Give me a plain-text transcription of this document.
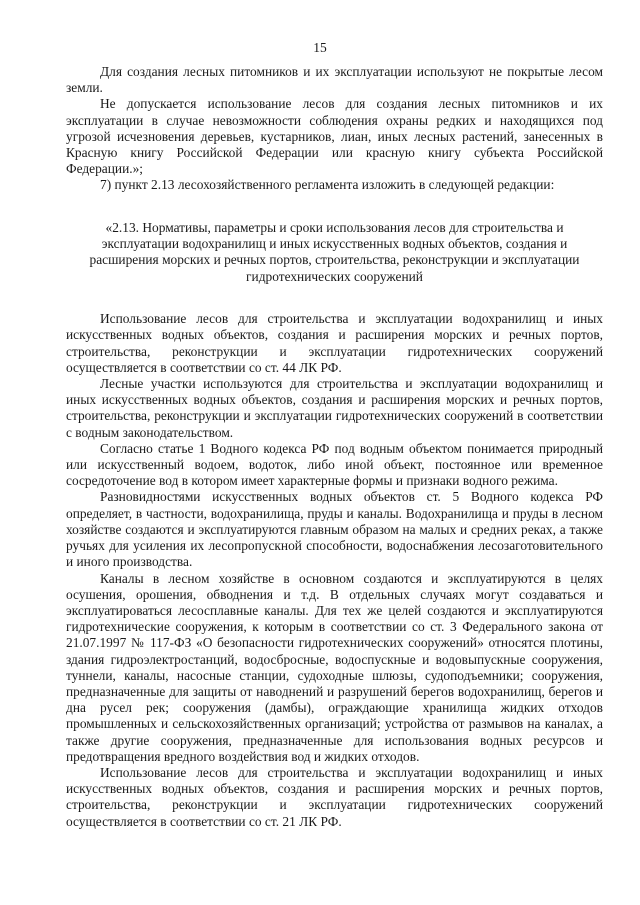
15

Для создания лесных питомников и их эксплуатации используют не покрытые лесом земли.

Не допускается использование лесов для создания лесных питомников и их эксплуатации в случае невозможности соблюдения охраны редких и находящихся под угрозой исчезновения деревьев, кустарников, лиан, иных лесных растений, занесенных в Красную книгу Российской Федерации или красную книгу субъекта Российской Федерации.»;

7) пункт 2.13 лесохозяйственного регламента изложить в следующей редакции:

«2.13. Нормативы, параметры и сроки использования лесов для строительства и эксплуатации водохранилищ и иных искусственных водных объектов, создания и расширения морских и речных портов, строительства, реконструкции и эксплуатации гидротехнических сооружений

Использование лесов для строительства и эксплуатации водохранилищ и иных искусственных водных объектов, создания и расширения морских и речных портов, строительства, реконструкции и эксплуатации гидротехнических сооружений осуществляется в соответствии со ст. 44 ЛК РФ.

Лесные участки используются для строительства и эксплуатации водохранилищ и иных искусственных водных объектов, создания и расширения морских и речных портов, строительства, реконструкции и эксплуатации гидротехнических сооружений в соответствии с водным законодательством.

Согласно статье 1 Водного кодекса РФ под водным объектом понимается природный или искусственный водоем, водоток, либо иной объект, постоянное или временное сосредоточение вод в котором имеет характерные формы и признаки водного режима.

Разновидностями искусственных водных объектов ст. 5 Водного кодекса РФ определяет, в частности, водохранилища, пруды и каналы. Водохранилища и пруды в лесном хозяйстве создаются и эксплуатируются главным образом на малых и средних реках, а также ручьях для усиления их лесопропускной способности, водоснабжения лесозаготовительного и иного производства.

Каналы в лесном хозяйстве в основном создаются и эксплуатируются в целях осушения, орошения, обводнения и т.д. В отдельных случаях могут создаваться и эксплуатироваться лесосплавные каналы. Для тех же целей создаются и эксплуатируются гидротехнические сооружения, к которым в соответствии со ст. 3 Федерального закона от 21.07.1997 № 117-ФЗ «О безопасности гидротехнических сооружений» относятся плотины, здания гидроэлектростанций, водосбросные, водоспускные и водовыпускные сооружения, туннели, каналы, насосные станции, судоходные шлюзы, судоподъемники; сооружения, предназначенные для защиты от наводнений и разрушений берегов водохранилищ, берегов и дна русел рек; сооружения (дамбы), ограждающие хранилища жидких отходов промышленных и сельскохозяйственных организаций; устройства от размывов на каналах, а также другие сооружения, предназначенные для использования водных ресурсов и предотвращения вредного воздействия вод и жидких отходов.

Использование лесов для строительства и эксплуатации водохранилищ и иных искусственных водных объектов, создания и расширения морских и речных портов, строительства, реконструкции и эксплуатации гидротехнических сооружений осуществляется в соответствии со ст. 21 ЛК РФ.
